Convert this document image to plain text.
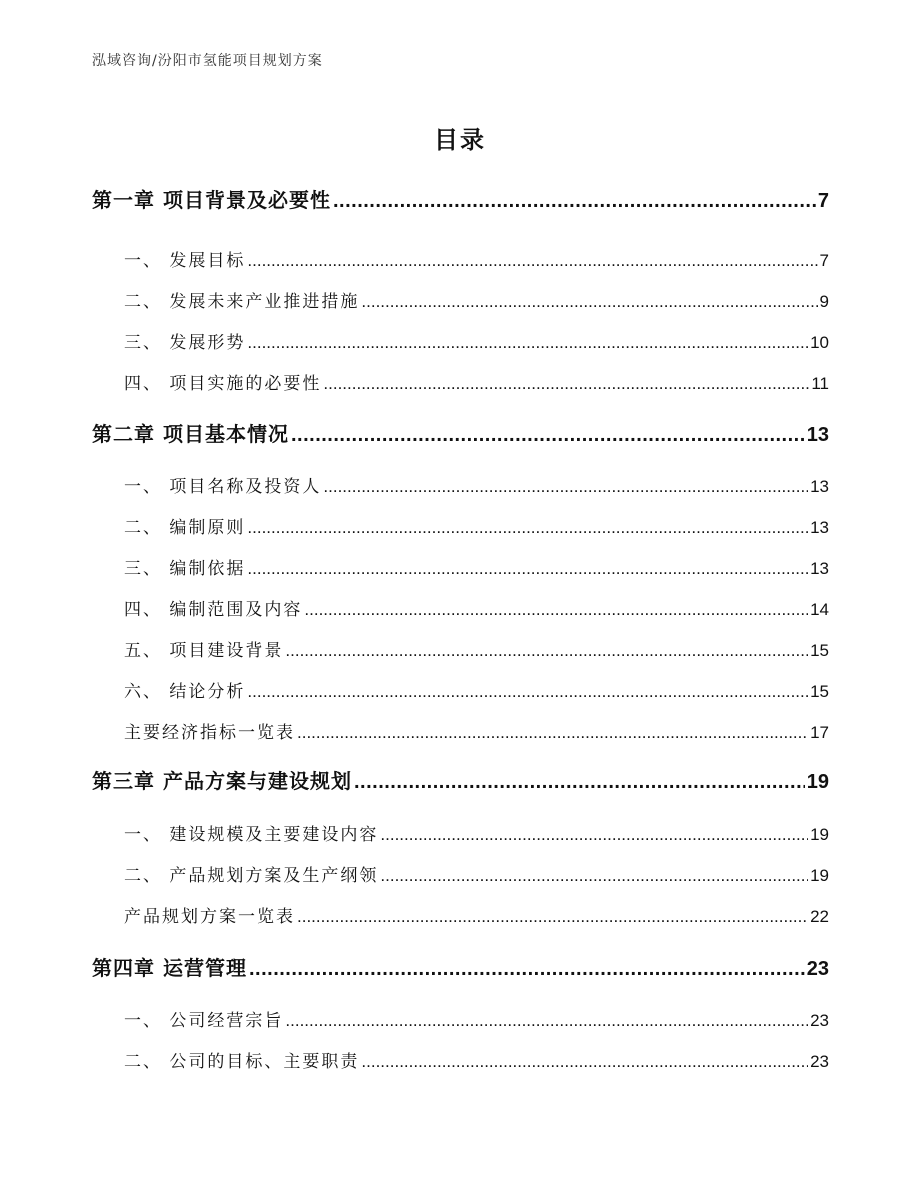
泓域咨询/汾阳市氢能项目规划方案
目录
第一章 项目背景及必要性 .....	7
一、 发展目标 .....	7
二、 发展未来产业推进措施 .....	9
三、 发展形势 .....	10
四、 项目实施的必要性 .....	11
第二章 项目基本情况 .....	13
一、 项目名称及投资人 .....	13
二、 编制原则 .....	13
三、 编制依据 .....	13
四、 编制范围及内容 .....	14
五、 项目建设背景 .....	15
六、 结论分析 .....	15
主要经济指标一览表 .....	17
第三章 产品方案与建设规划 .....	19
一、 建设规模及主要建设内容 .....	19
二、 产品规划方案及生产纲领 .....	19
产品规划方案一览表 .....	22
第四章 运营管理 .....	23
一、 公司经营宗旨 .....	23
二、 公司的目标、主要职责 .....	23
